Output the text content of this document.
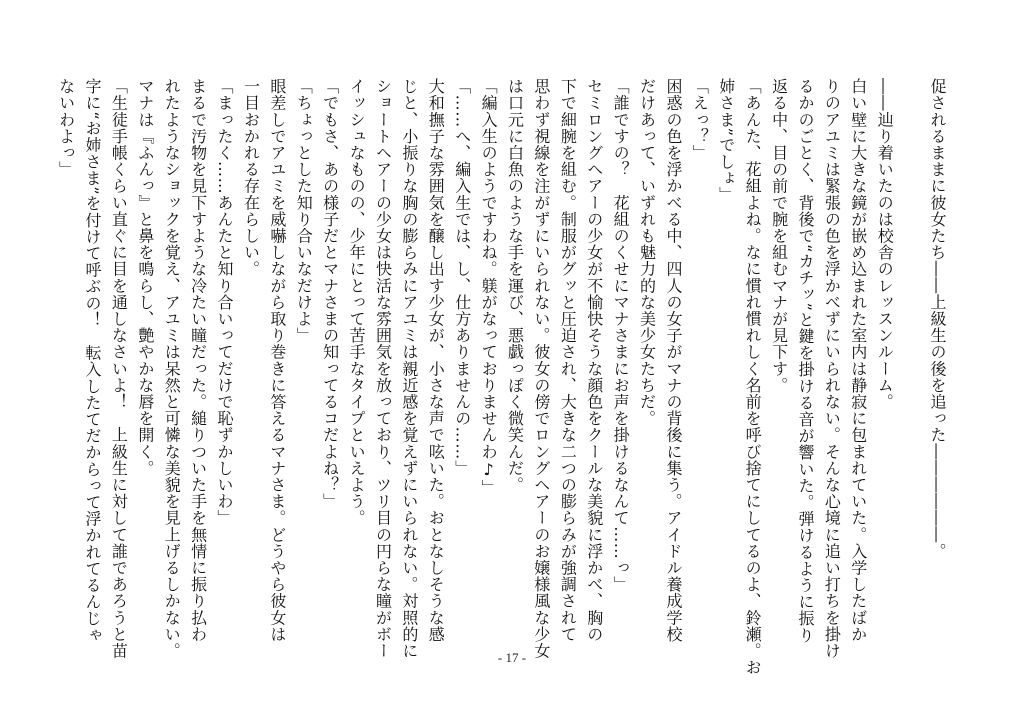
促されるままに彼女たち――上級生の後を追った――――――。

――辿り着いたのは校舎のレッスンルーム。
白い壁に大きな鏡が嵌め込まれた室内は静寂に包まれていた。入学したばか
りのアユミは緊張の色を浮かべずにいられない。そんな心境に追い打ちを掛け
るかのごとく、背後で“カチッ”と鍵を掛ける音が響いた。弾けるように振り
返る中、目の前で腕を組むマナが見下す。
「あんた、花組よね。なに慣れ慣れしく名前を呼び捨てにしてるのよ、鈴瀬。お
姉さま”でしょ」
「えっ？」
困惑の色を浮かべる中、四人の女子がマナの背後に集う。アイドル養成学校
だけあって、いずれも魅力的な美少女たちだ。
「誰ですの？　花組のくせにマナさまにお声を掛けるなんて……っ」
セミロングヘアーの少女が不愉快そうな顔色をクールな美貌に浮かべ、胸の
下で細腕を組む。制服がグッと圧迫され、大きな二つの膨らみが強調されて
思わず視線を注がずにいられない。彼女の傍でロングヘアーのお嬢様風な少女
は口元に白魚のような手を運び、悪戯っぽく微笑んだ。
「編入生のようですわね。躾がなっておりませんわ♪」
「……へ、編入生では、し、仕方ありませんの……」
大和撫子な雰囲気を醸し出す少女が、小さな声で呟いた。おとなしそうな感
じと、小振りな胸の膨らみにアユミは親近感を覚えずにいられない。対照的に
ショートヘアーの少女は快活な雰囲気を放っており、ツリ目の円らな瞳がボー
イッシュなものの、少年にとって苦手なタイプといえよう。
「でもさ、あの様子だとマナさまの知ってるコだよね？」
「ちょっとした知り合いなだけよ」
眼差しでアユミを威嚇しながら取り巻きに答えるマナさま。どうやら彼女は
一目おかれる存在らしい。
「まったく……あんたと知り合いってだけで恥ずかしいわ」
まるで汚物を見下すような冷たい瞳だった。縋りついた手を無情に振り払わ
れたようなショックを覚え、アユミは呆然と可憐な美貌を見上げるしかない。
マナは『ふんっ』と鼻を鳴らし、艶やかな唇を開く。
「生徒手帳くらい直ぐに目を通しなさいよ！　上級生に対して誰であろうと苗
字に“お姉さま”を付けて呼ぶの！　転入したてだからって浮かれてるんじゃ
ないわよっ」
- 17 -
